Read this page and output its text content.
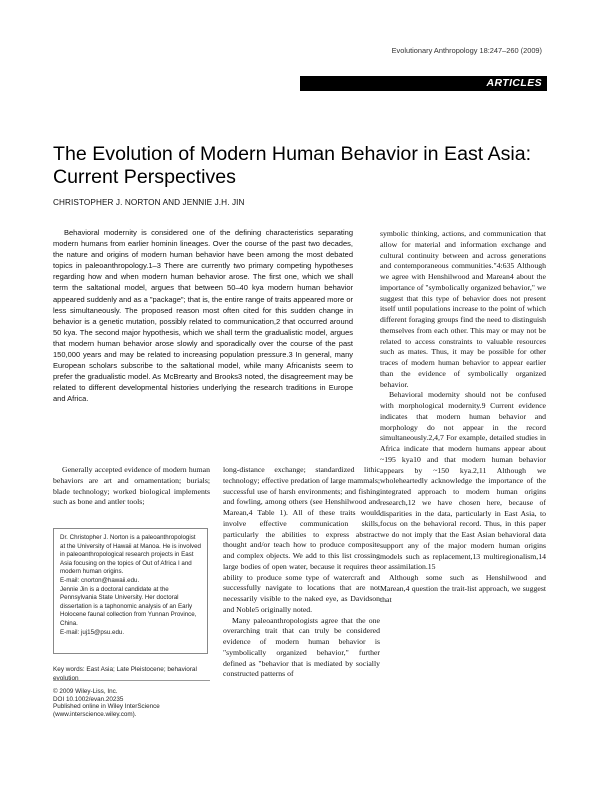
Evolutionary Anthropology 18:247–260 (2009)
ARTICLES
The Evolution of Modern Human Behavior in East Asia: Current Perspectives
CHRISTOPHER J. NORTON AND JENNIE J.H. JIN

Behavioral modernity is considered one of the defining characteristics separating modern humans from earlier hominin lineages. Over the course of the past two decades, the nature and origins of modern human behavior have been among the most debated topics in paleoanthropology.1–3 There are currently two primary competing hypotheses regarding how and when modern human behavior arose. The first one, which we shall term the saltational model, argues that between 50–40 kya modern human behavior appeared suddenly and as a "package"; that is, the entire range of traits appeared more or less simultaneously. The proposed reason most often cited for this sudden change in behavior is a genetic mutation, possibly related to communication,2 that occurred around 50 kya. The second major hypothesis, which we shall term the gradualistic model, argues that modern human behavior arose slowly and sporadically over the course of the past 150,000 years and may be related to increasing population pressure.3 In general, many European scholars subscribe to the saltational model, while many Africanists seem to prefer the gradualistic model. As McBrearty and Brooks3 noted, the disagreement may be related to different developmental histories underlying the research traditions in Europe and Africa.

symbolic thinking, actions, and communication that allow for material and information exchange and cultural continuity between and across generations and contemporaneous communities."4:635 Although we agree with Henshilwood and Marean4 about the importance of "symbolically organized behavior," we suggest that this type of behavior does not present itself until populations increase to the point of which different foraging groups find the need to distinguish themselves from each other. This may or may not be related to access constraints to valuable resources such as mates. Thus, it may be possible for other traces of modern human behavior to appear earlier than the evidence of symbolically organized behavior.

Behavioral modernity should not be confused with morphological modernity.9 Current evidence indicates that modern human behavior and morphology do not appear in the record simultaneously.2,4,7 For example, detailed studies in Africa indicate that modern humans appear about ~195 kya10 and that modern human behavior appears by ~150 kya.2,11 Although we wholeheartedly acknowledge the importance of the integrated approach to modern human origins research,12 we have chosen here, because of disparities in the data, particularly in East Asia, to focus on the behavioral record. Thus, in this paper we do not imply that the East Asian behavioral data support any of the major modern human origins models such as replacement,13 multiregionalism,14 or assimilation.15

Although some such as Henshilwood and Marean,4 question the trait-list approach, we suggest that

Generally accepted evidence of modern human behaviors are art and ornamentation; burials; blade technology; worked biological implements such as bone and antler tools;

long-distance exchange; standardized lithic technology; effective predation of large mammals; successful use of harsh environments; and fishing and fowling, among others (see Henshilwood and Marean,4 Table 1). All of these traits would involve effective communication skills, particularly the abilities to express abstract thought and/or teach how to produce composite and complex objects. We add to this list crossing large bodies of open water, because it requires the ability to produce some type of watercraft and successfully navigate to locations that are not necessarily visible to the naked eye, as Davidson and Noble5 originally noted.

Many paleoanthropologists agree that the one overarching trait that can truly be considered evidence of modern human behavior is "symbolically organized behavior," further defined as "behavior that is mediated by socially constructed patterns of

Dr. Christopher J. Norton is a paleoanthropologist at the University of Hawaii at Manoa. He is involved in paleoanthropological research projects in East Asia focusing on the topics of Out of Africa I and modern human origins.
E-mail: cnorton@hawaii.edu.
Jennie Jin is a doctoral candidate at the Pennsylvania State University. Her doctoral dissertation is a taphonomic analysis of an Early Holocene faunal collection from Yunnan Province, China.
E-mail: juj15@psu.edu.
Key words: East Asia; Late Pleistocene; behavioral evolution
© 2009 Wiley-Liss, Inc.
DOI 10.1002/evan.20235
Published online in Wiley InterScience
(www.interscience.wiley.com).
